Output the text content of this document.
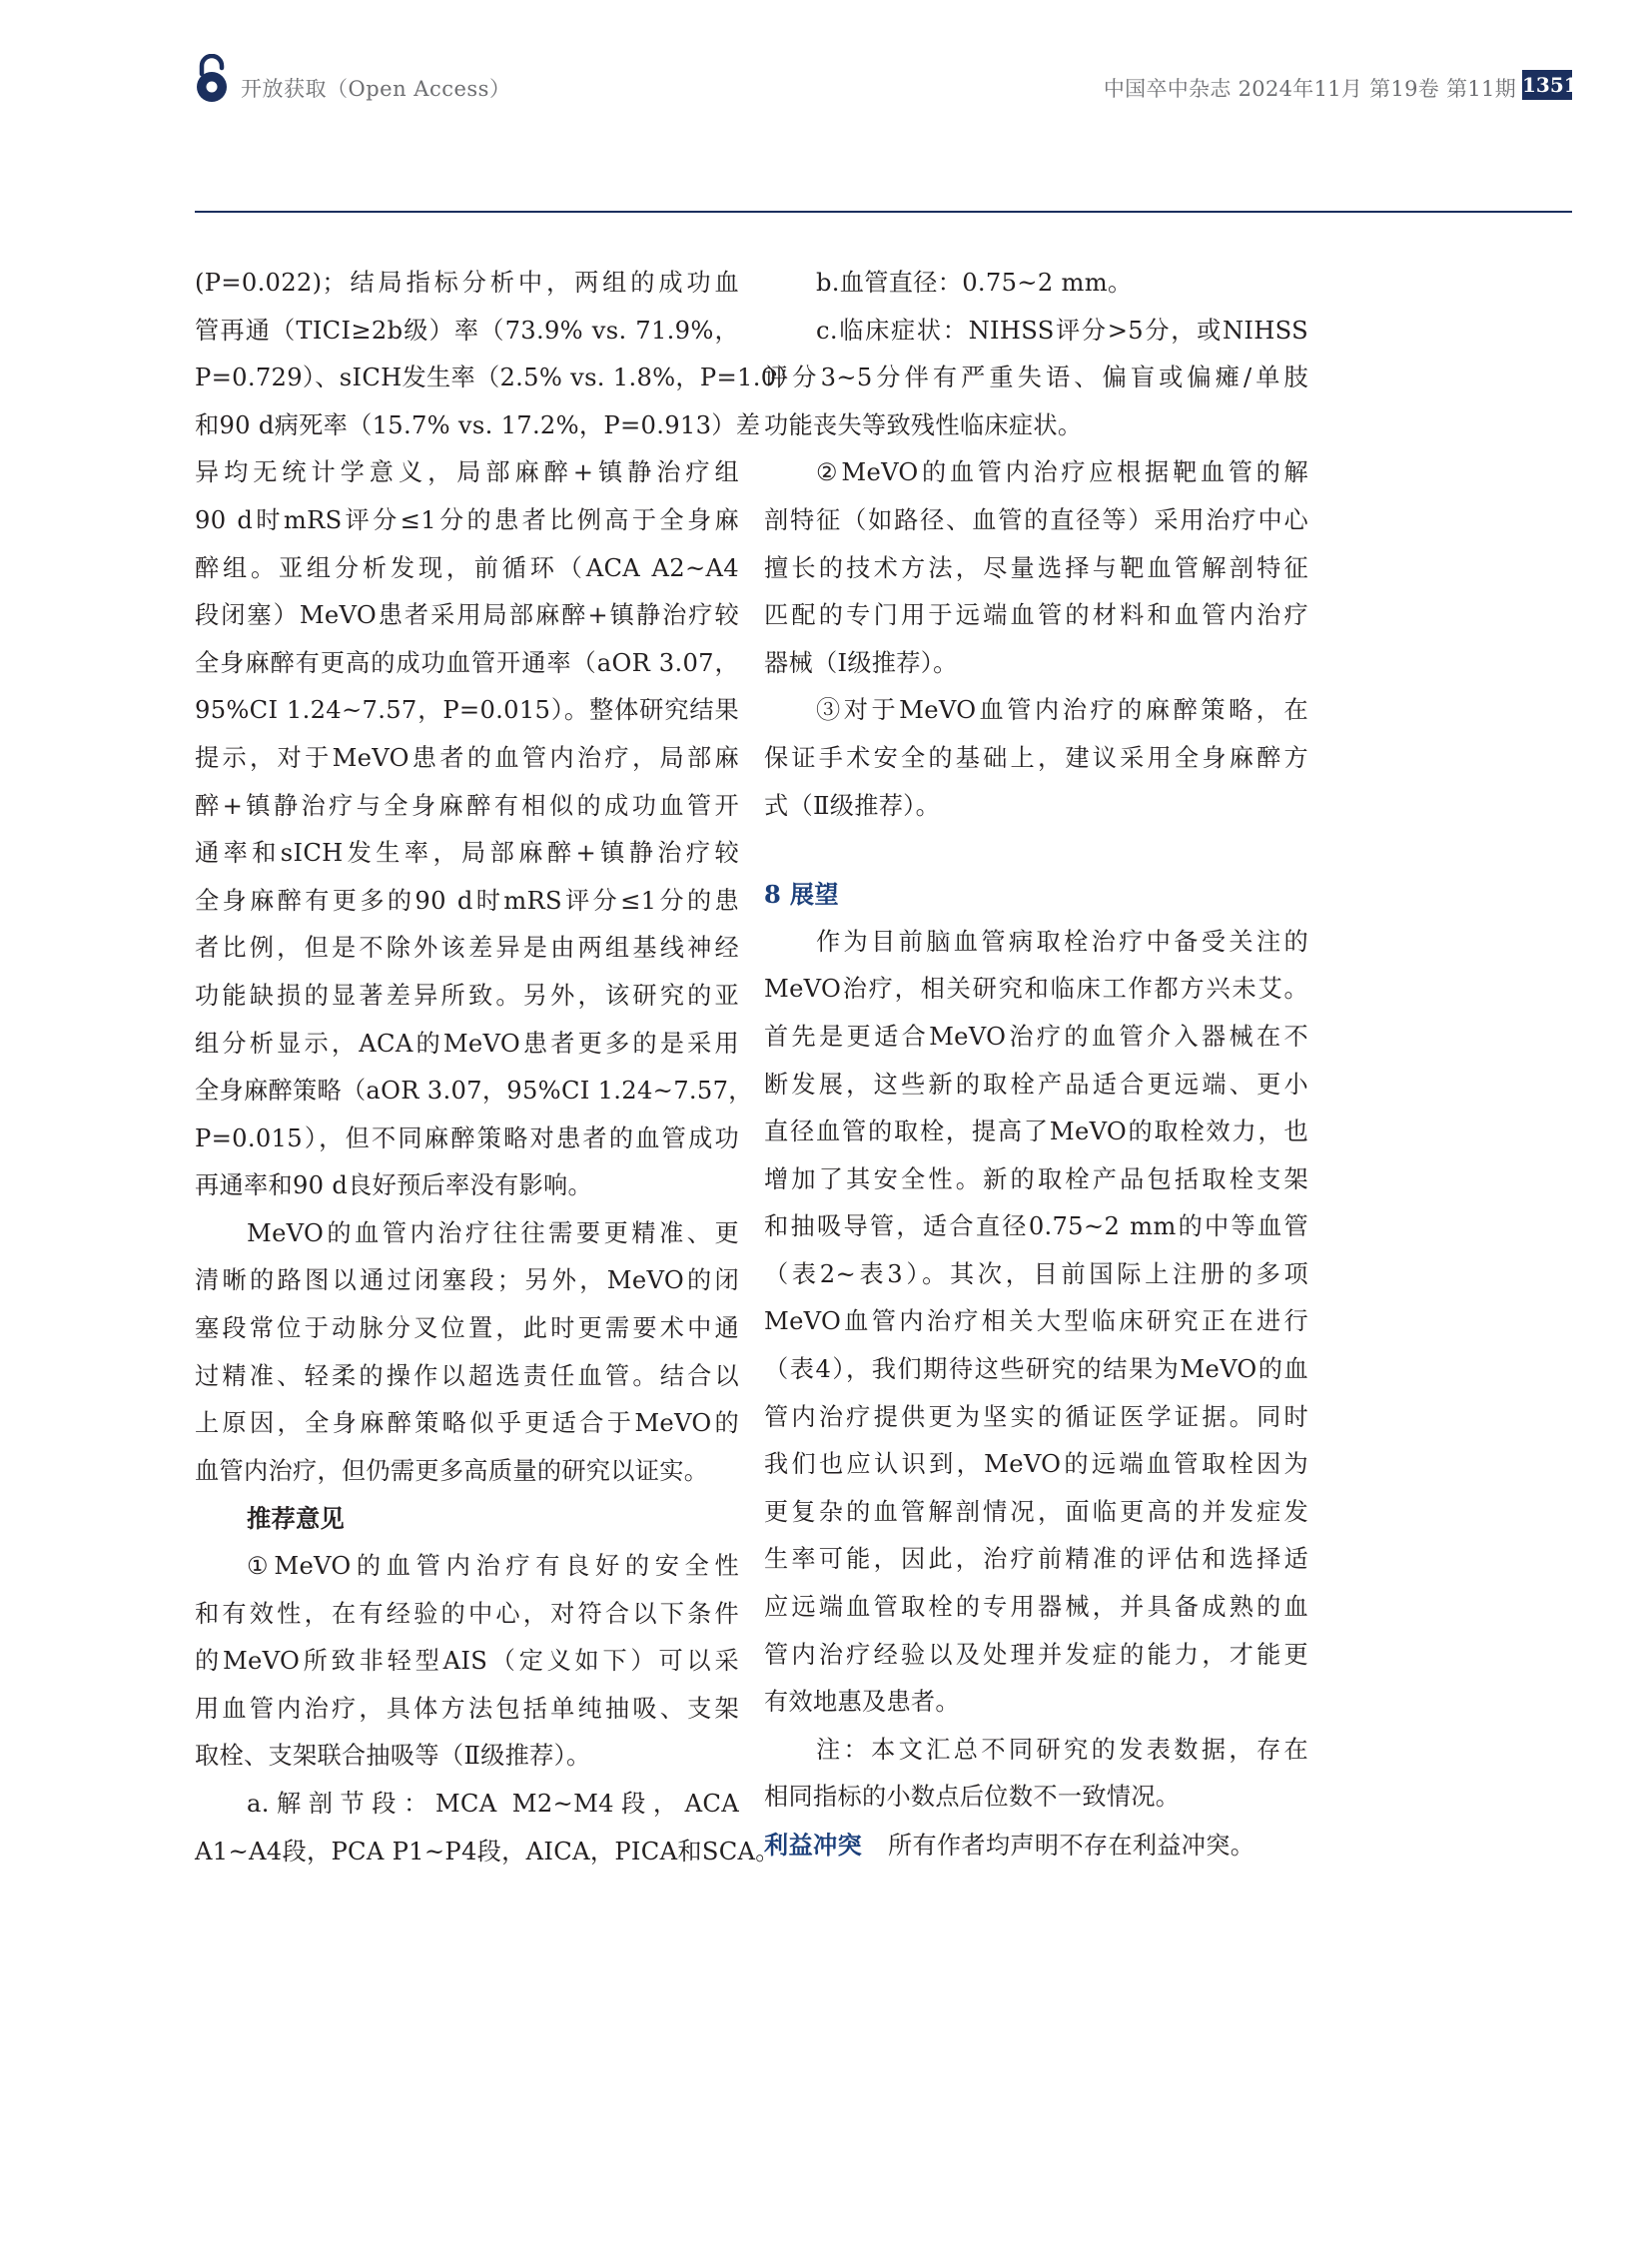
开放获取（Open Access）	中国卒中杂志 2024年11月 第19卷 第11期 1351
(P=0.022)；结局指标分析中，两组的成功血
管再通（TICI≥2b级）率（73.9% vs. 71.9%，
P=0.729）、sICH发生率（2.5% vs. 1.8%，P=1.0）
和90 d病死率（15.7% vs. 17.2%，P=0.913）差
异均无统计学意义，局部麻醉+镇静治疗组
90 d时mRS评分≤1分的患者比例高于全身麻
醉组。亚组分析发现，前循环（ACA A2~A4
段闭塞）MeVO患者采用局部麻醉+镇静治疗较
全身麻醉有更高的成功血管开通率（aOR 3.07，
95%CI 1.24~7.57，P=0.015）。整体研究结果
提示，对于MeVO患者的血管内治疗，局部麻
醉+镇静治疗与全身麻醉有相似的成功血管开
通率和sICH发生率，局部麻醉+镇静治疗较
全身麻醉有更多的90 d时mRS评分≤1分的患
者比例，但是不除外该差异是由两组基线神经
功能缺损的显著差异所致。另外，该研究的亚
组分析显示，ACA的MeVO患者更多的是采用
全身麻醉策略（aOR 3.07，95%CI 1.24~7.57，
P=0.015），但不同麻醉策略对患者的血管成功
再通率和90 d良好预后率没有影响。
MeVO的血管内治疗往往需要更精准、更
清晰的路图以通过闭塞段；另外，MeVO的闭
塞段常位于动脉分叉位置，此时更需要术中通
过精准、轻柔的操作以超选责任血管。结合以
上原因，全身麻醉策略似乎更适合于MeVO的
血管内治疗，但仍需更多高质量的研究以证实。
推荐意见
①MeVO的血管内治疗有良好的安全性
和有效性，在有经验的中心，对符合以下条件
的MeVO所致非轻型AIS（定义如下）可以采
用血管内治疗，具体方法包括单纯抽吸、支架
取栓、支架联合抽吸等（Ⅱ级推荐）。
a.解剖节段：MCA M2~M4段，ACA
A1~A4段，PCA P1~P4段，AICA，PICA和SCA。
b.血管直径：0.75~2 mm。
c.临床症状：NIHSS评分>5分，或NIHSS
评分3~5分伴有严重失语、偏盲或偏瘫/单肢
功能丧失等致残性临床症状。
②MeVO的血管内治疗应根据靶血管的解
剖特征（如路径、血管的直径等）采用治疗中心
擅长的技术方法，尽量选择与靶血管解剖特征
匹配的专门用于远端血管的材料和血管内治疗
器械（Ⅰ级推荐）。
③对于MeVO血管内治疗的麻醉策略，在
保证手术安全的基础上，建议采用全身麻醉方
式（Ⅱ级推荐）。
8 展望
作为目前脑血管病取栓治疗中备受关注的
MeVO治疗，相关研究和临床工作都方兴未艾。
首先是更适合MeVO治疗的血管介入器械在不
断发展，这些新的取栓产品适合更远端、更小
直径血管的取栓，提高了MeVO的取栓效力，也
增加了其安全性。新的取栓产品包括取栓支架
和抽吸导管，适合直径0.75~2 mm的中等血管
（表2~表3）。其次，目前国际上注册的多项
MeVO血管内治疗相关大型临床研究正在进行
（表4），我们期待这些研究的结果为MeVO的血
管内治疗提供更为坚实的循证医学证据。同时
我们也应认识到，MeVO的远端血管取栓因为
更复杂的血管解剖情况，面临更高的并发症发
生率可能，因此，治疗前精准的评估和选择适
应远端血管取栓的专用器械，并具备成熟的血
管内治疗经验以及处理并发症的能力，才能更
有效地惠及患者。
注：本文汇总不同研究的发表数据，存在
相同指标的小数点后位数不一致情况。
利益冲突 所有作者均声明不存在利益冲突。
